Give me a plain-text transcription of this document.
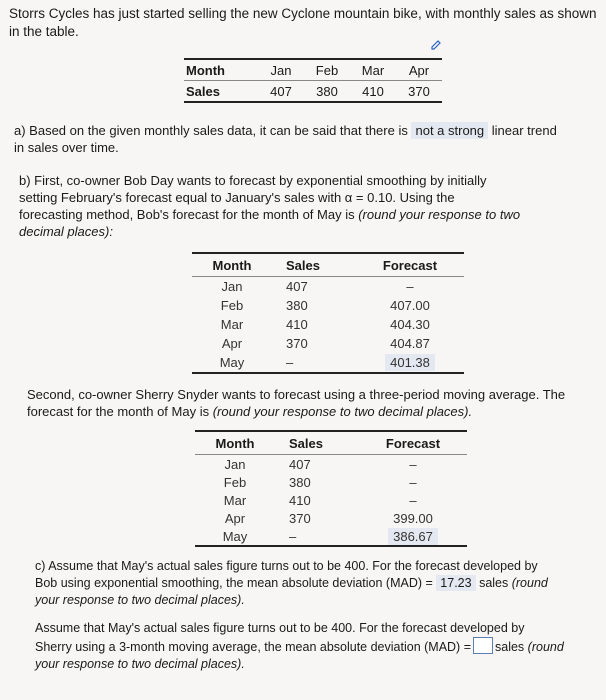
Storrs Cycles has just started selling the new Cyclone mountain bike, with monthly sales as shown in the table.
Month	Jan	Feb	Mar	Apr
Sales	407	380	410	370
a) Based on the given monthly sales data, it can be said that there is not a strong linear trend
in sales over time.
b) First, co-owner Bob Day wants to forecast by exponential smoothing by initially
setting February's forecast equal to January's sales with α = 0.10. Using the
forecasting method, Bob's forecast for the month of May is (round your response to two
decimal places):
Month	Sales	Forecast
Jan	407	–
Feb	380	407.00
Mar	410	404.30
Apr	370	404.87
May	–	401.38
Second, co-owner Sherry Snyder wants to forecast using a three-period moving average. The
forecast for the month of May is (round your response to two decimal places).
Month	Sales	Forecast
Jan	407	–
Feb	380	–
Mar	410	–
Apr	370	399.00
May	–	386.67
c) Assume that May's actual sales figure turns out to be 400. For the forecast developed by
Bob using exponential smoothing, the mean absolute deviation (MAD) = 17.23 sales (round
your response to two decimal places).
Assume that May's actual sales figure turns out to be 400. For the forecast developed by
Sherry using a 3-month moving average, the mean absolute deviation (MAD) = sales (round
your response to two decimal places).
